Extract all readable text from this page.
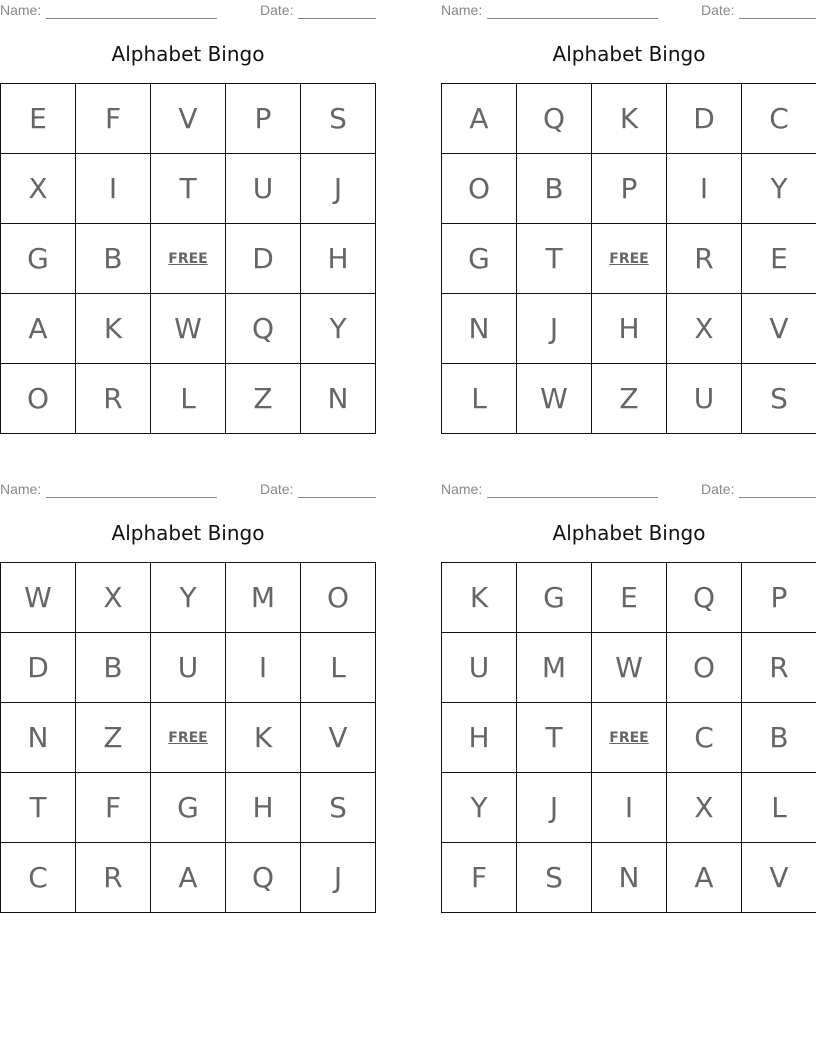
Name:	Date:
Alphabet Bingo
E	F	V	P	S
X	I	T	U	J
G	B	FREE	D	H
A	K	W	Q	Y
O	R	L	Z	N
Name:	Date:
Alphabet Bingo
A	Q	K	D	C
O	B	P	I	Y
G	T	FREE	R	E
N	J	H	X	V
L	W	Z	U	S
Name:	Date:
Alphabet Bingo
W	X	Y	M	O
D	B	U	I	L
N	Z	FREE	K	V
T	F	G	H	S
C	R	A	Q	J
Name:	Date:
Alphabet Bingo
K	G	E	Q	P
U	M	W	O	R
H	T	FREE	C	B
Y	J	I	X	L
F	S	N	A	V
